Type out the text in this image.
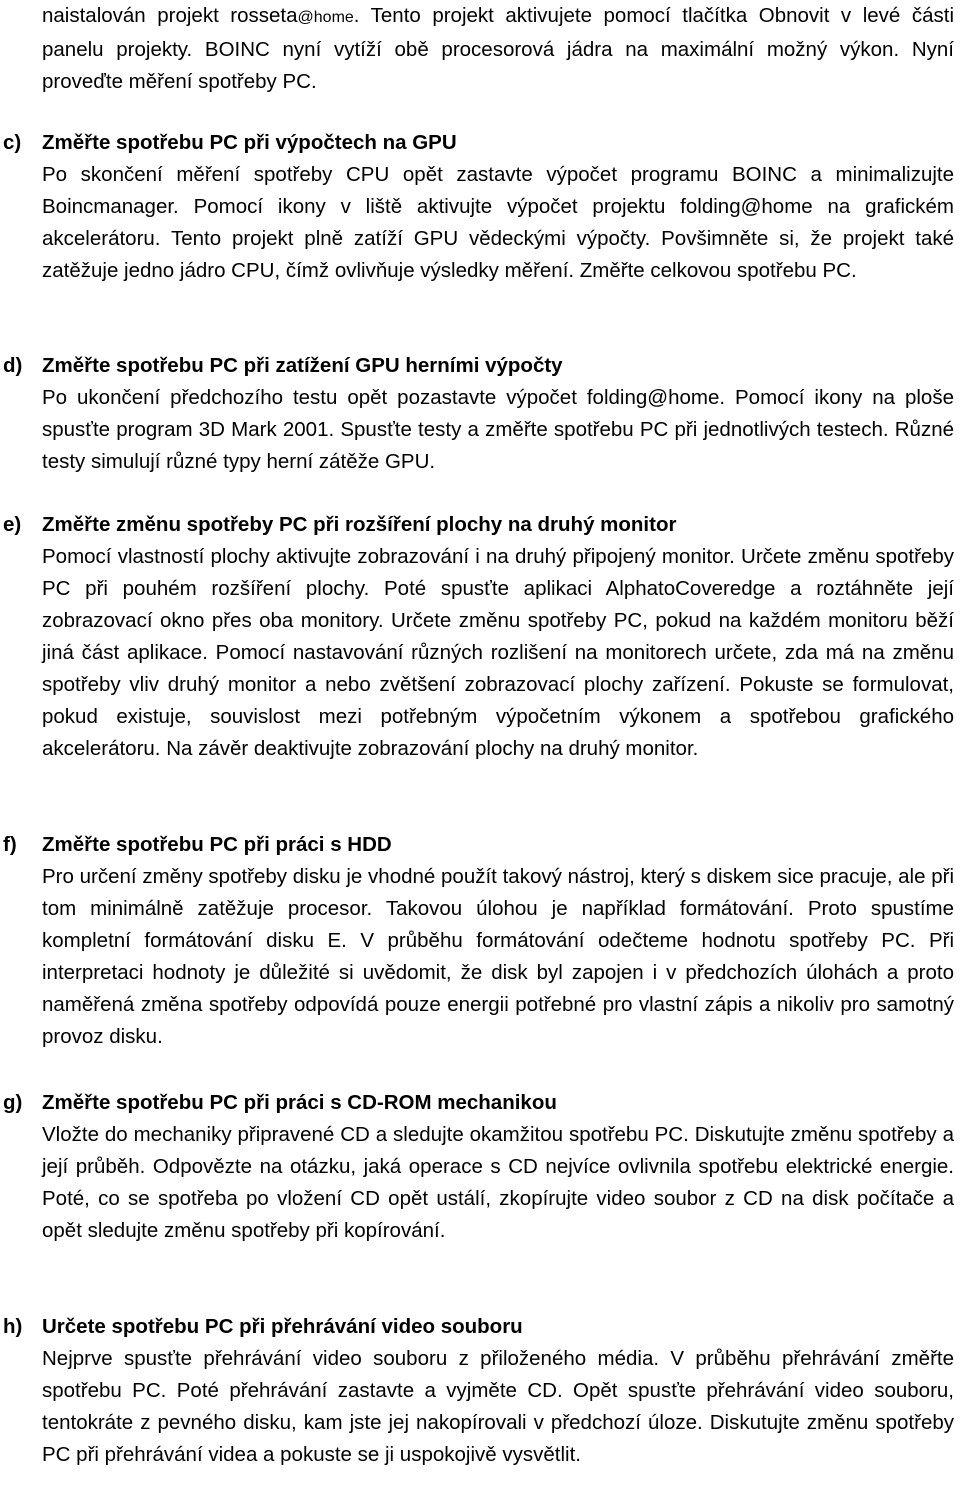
naistalován projekt rosseta@home. Tento projekt aktivujete pomocí tlačítka Obnovit v levé části panelu projekty. BOINC nyní vytíží obě procesorová jádra na maximální možný výkon. Nyní proveďte měření spotřeby PC.
c) Změřte spotřebu PC při výpočtech na GPU
Po skončení měření spotřeby CPU opět zastavte výpočet programu BOINC a minimalizujte Boincmanager. Pomocí ikony v liště aktivujte výpočet projektu folding@home na grafickém akcelerátoru. Tento projekt plně zatíží GPU vědeckými výpočty. Povšimněte si, že projekt také zatěžuje jedno jádro CPU, čímž ovlivňuje výsledky měření. Změřte celkovou spotřebu PC.
d) Změřte spotřebu PC při zatížení GPU herními výpočty
Po ukončení předchozího testu opět pozastavte výpočet folding@home. Pomocí ikony na ploše spusťte program 3D Mark 2001. Spusťte testy a změřte spotřebu PC při jednotlivých testech. Různé testy simulují různé typy herní zátěže GPU.
e) Změřte změnu spotřeby PC při rozšíření plochy na druhý monitor
Pomocí vlastností plochy aktivujte zobrazování i na druhý připojený monitor. Určete změnu spotřeby PC při pouhém rozšíření plochy. Poté spusťte aplikaci AlphatoCoveredge a roztáhněte její zobrazovací okno přes oba monitory. Určete změnu spotřeby PC, pokud na každém monitoru běží jiná část aplikace. Pomocí nastavování různých rozlišení na monitorech určete, zda má na změnu spotřeby vliv druhý monitor a nebo zvětšení zobrazovací plochy zařízení. Pokuste se formulovat, pokud existuje, souvislost mezi potřebným výpočetním výkonem a spotřebou grafického akcelerátoru. Na závěr deaktivujte zobrazování plochy na druhý monitor.
f) Změřte spotřebu PC při práci s HDD
Pro určení změny spotřeby disku je vhodné použít takový nástroj, který s diskem sice pracuje, ale při tom minimálně zatěžuje procesor. Takovou úlohou je například formátování. Proto spustíme kompletní formátování disku E. V průběhu formátování odečteme hodnotu spotřeby PC. Při interpretaci hodnoty je důležité si uvědomit, že disk byl zapojen i v předchozích úlohách a proto naměřená změna spotřeby odpovídá pouze energii potřebné pro vlastní zápis a nikoliv pro samotný provoz disku.
g) Změřte spotřebu PC při práci s CD-ROM mechanikou
Vložte do mechaniky připravené CD a sledujte okamžitou spotřebu PC. Diskutujte změnu spotřeby a její průběh. Odpovězte na otázku, jaká operace s CD nejvíce ovlivnila spotřebu elektrické energie. Poté, co se spotřeba po vložení CD opět ustálí, zkopírujte video soubor z CD na disk počítače a opět sledujte změnu spotřeby při kopírování.
h) Určete spotřebu PC při přehrávání video souboru
Nejprve spusťte přehrávání video souboru z přiloženého média. V průběhu přehrávání změřte spotřebu PC. Poté přehrávání zastavte a vyjměte CD. Opět spusťte přehrávání video souboru, tentokráte z pevného disku, kam jste jej nakopírovali v předchozí úloze. Diskutujte změnu spotřeby PC při přehrávání videa a pokuste se ji uspokojivě vysvětlit.
